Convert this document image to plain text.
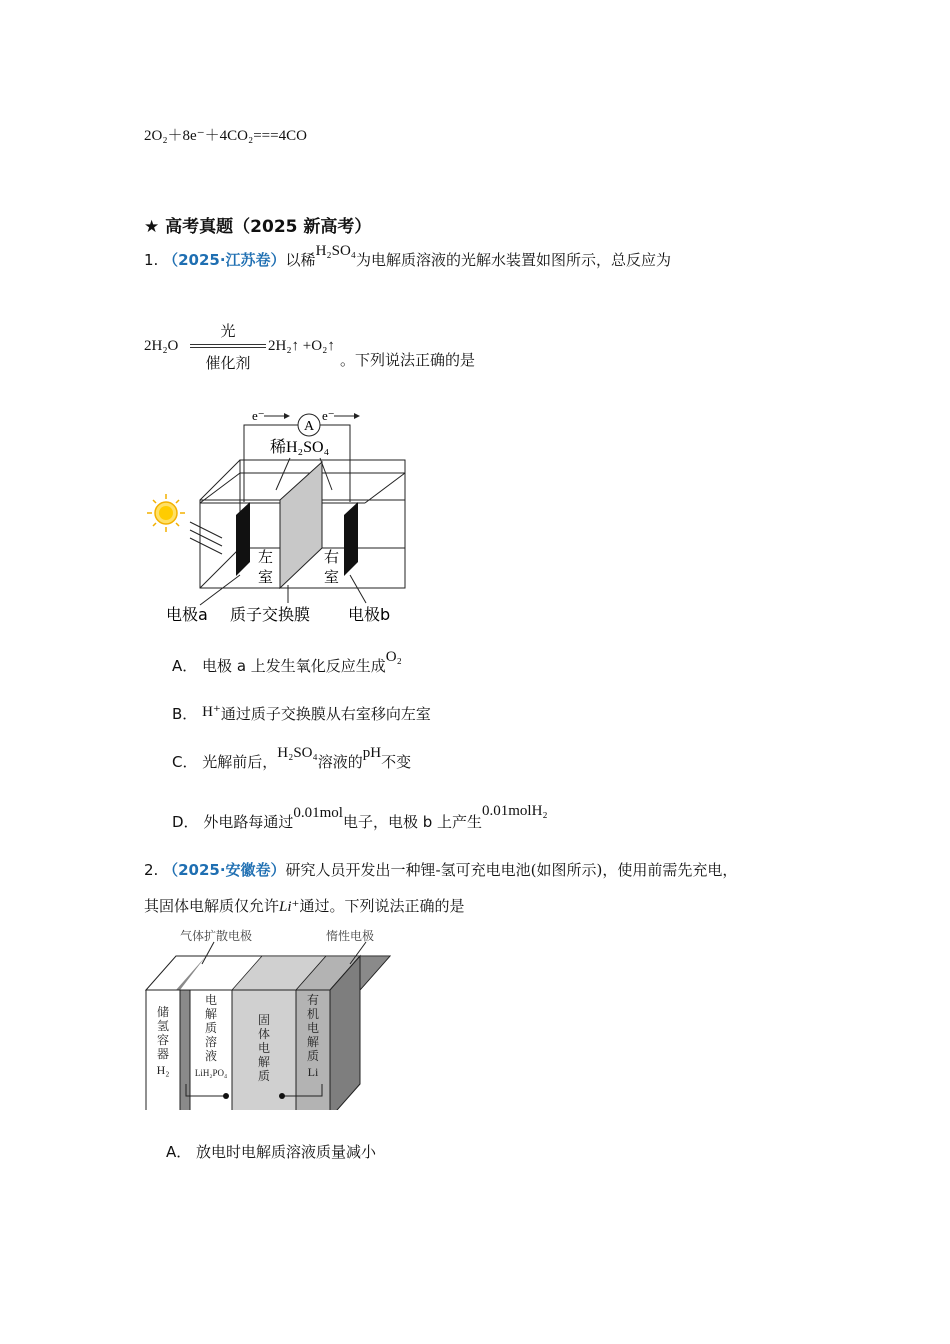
2O₂＋8e⁻＋4CO₂===4CO
★ 高考真题（2025 新高考）
1. （2025·江苏卷）以稀H₂SO₄为电解质溶液的光解水装置如图所示，总反应为
2H₂O
光
催化剂
2H₂↑ +O₂↑
。下列说法正确的是
A
e⁻	e⁻
稀H₂SO₄
左
室
右
室
电极a 质子交换膜 电极b
A． 电极 a 上发生氧化反应生成O₂
B． H⁺通过质子交换膜从右室移向左室
C． 光解前后，H₂SO₄溶液的pH不变
D． 外电路每通过0.01mol电子，电极 b 上产生0.01molH₂
2. （2025·安徽卷）研究人员开发出一种锂-氢可充电电池(如图所示)，使用前需先充电，
其固体电解质仅允许Li⁺通过。下列说法正确的是
气体扩散电极	惰性电极
储
氢
容
器
H₂
电
解
质
溶
液
LiH₂PO₄
固
体
电
解
质
有
机
电
解
质
Li
A． 放电时电解质溶液质量减小
